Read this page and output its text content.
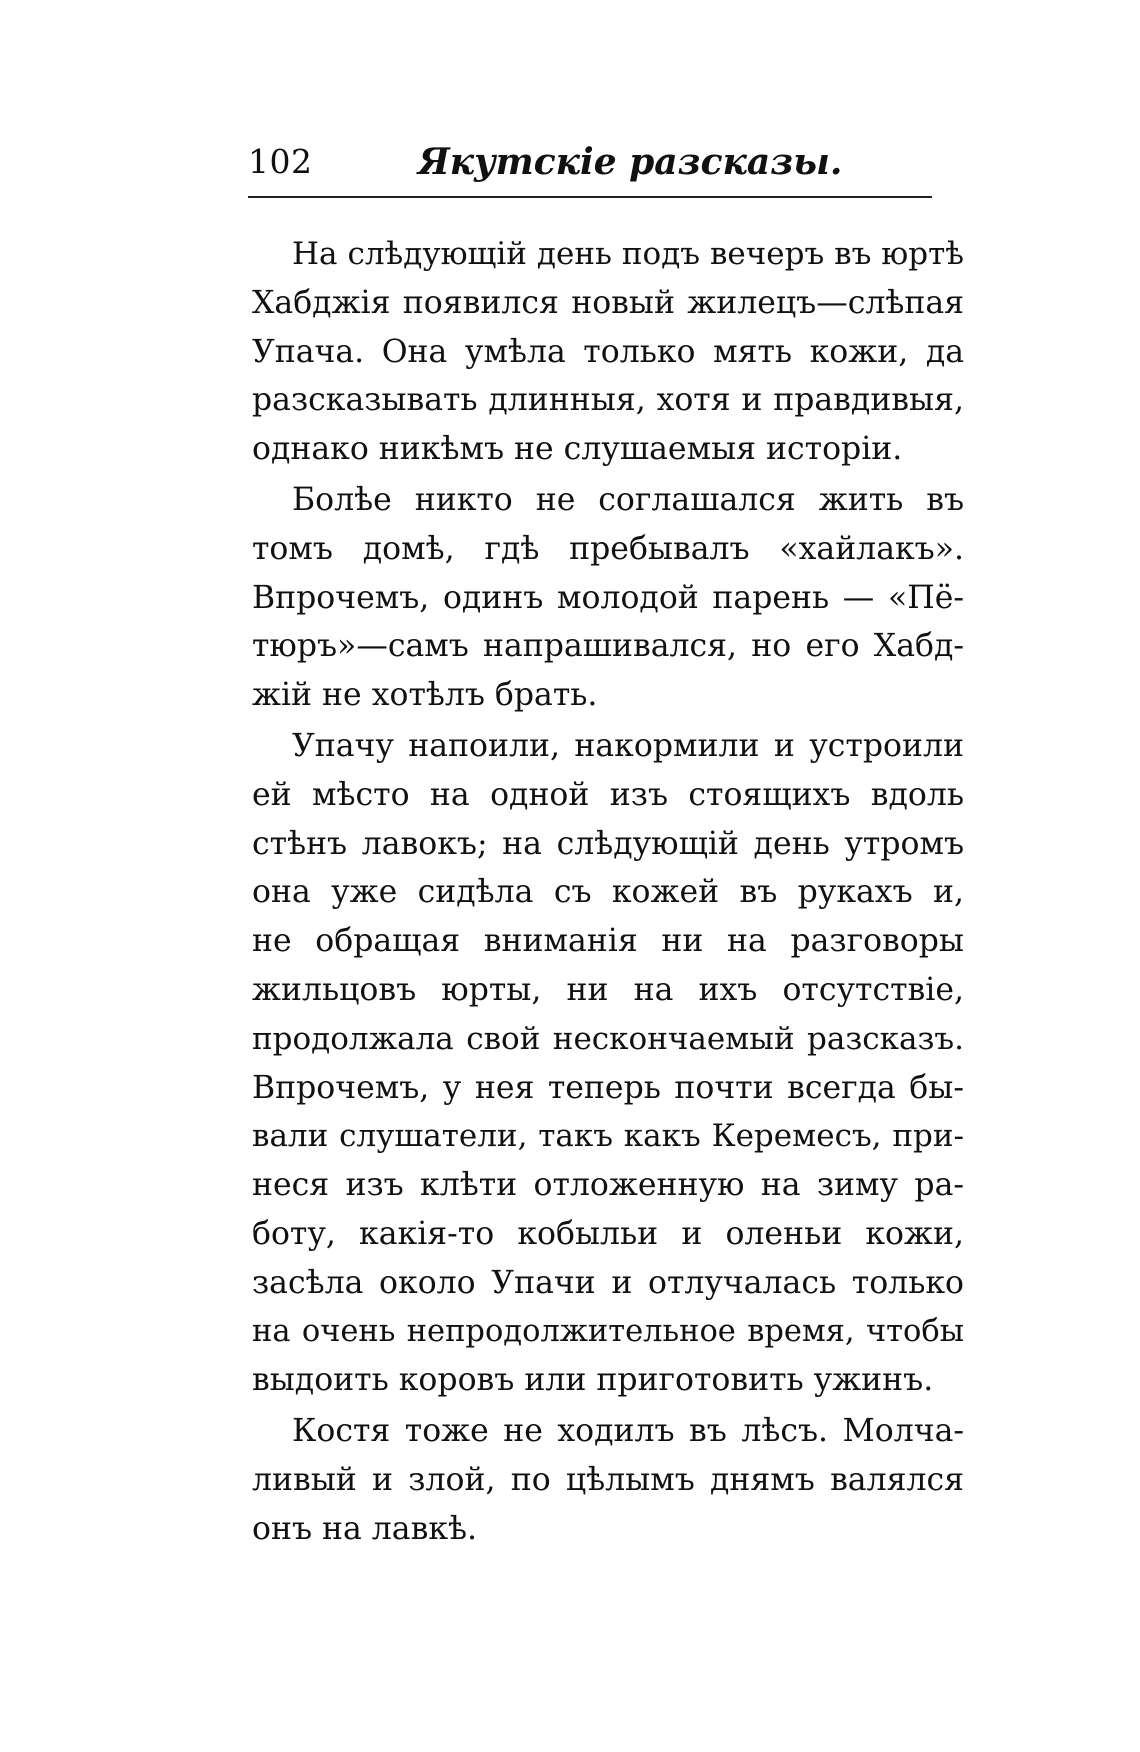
102	Якутскіе разсказы.
На слѣдующій день подъ вечеръ въ юртѣ
Хабджія появился новый жилецъ—слѣпая
Упача. Она умѣла только мять кожи, да
разсказывать длинныя, хотя и правдивыя,
однако никѣмъ не слушаемыя исторіи.
Болѣе никто не соглашался жить въ
томъ домѣ, гдѣ пребывалъ «хайлакъ».
Впрочемъ, одинъ молодой парень — «Пё-
тюръ»—самъ напрашивался, но его Хабд-
жій не хотѣлъ брать.
Упачу напоили, накормили и устроили
ей мѣсто на одной изъ стоящихъ вдоль
стѣнъ лавокъ; на слѣдующій день утромъ
она уже сидѣла съ кожей въ рукахъ и,
не обращая вниманія ни на разговоры
жильцовъ юрты, ни на ихъ отсутствіе,
продолжала свой нескончаемый разсказъ.
Впрочемъ, у нея теперь почти всегда бы-
вали слушатели, такъ какъ Керемесъ, при-
неся изъ клѣти отложенную на зиму ра-
боту, какія-то кобыльи и оленьи кожи,
засѣла около Упачи и отлучалась только
на очень непродолжительное время, чтобы
выдоить коровъ или приготовить ужинъ.
Костя тоже не ходилъ въ лѣсъ. Молча-
ливый и злой, по цѣлымъ днямъ валялся
онъ на лавкѣ.
